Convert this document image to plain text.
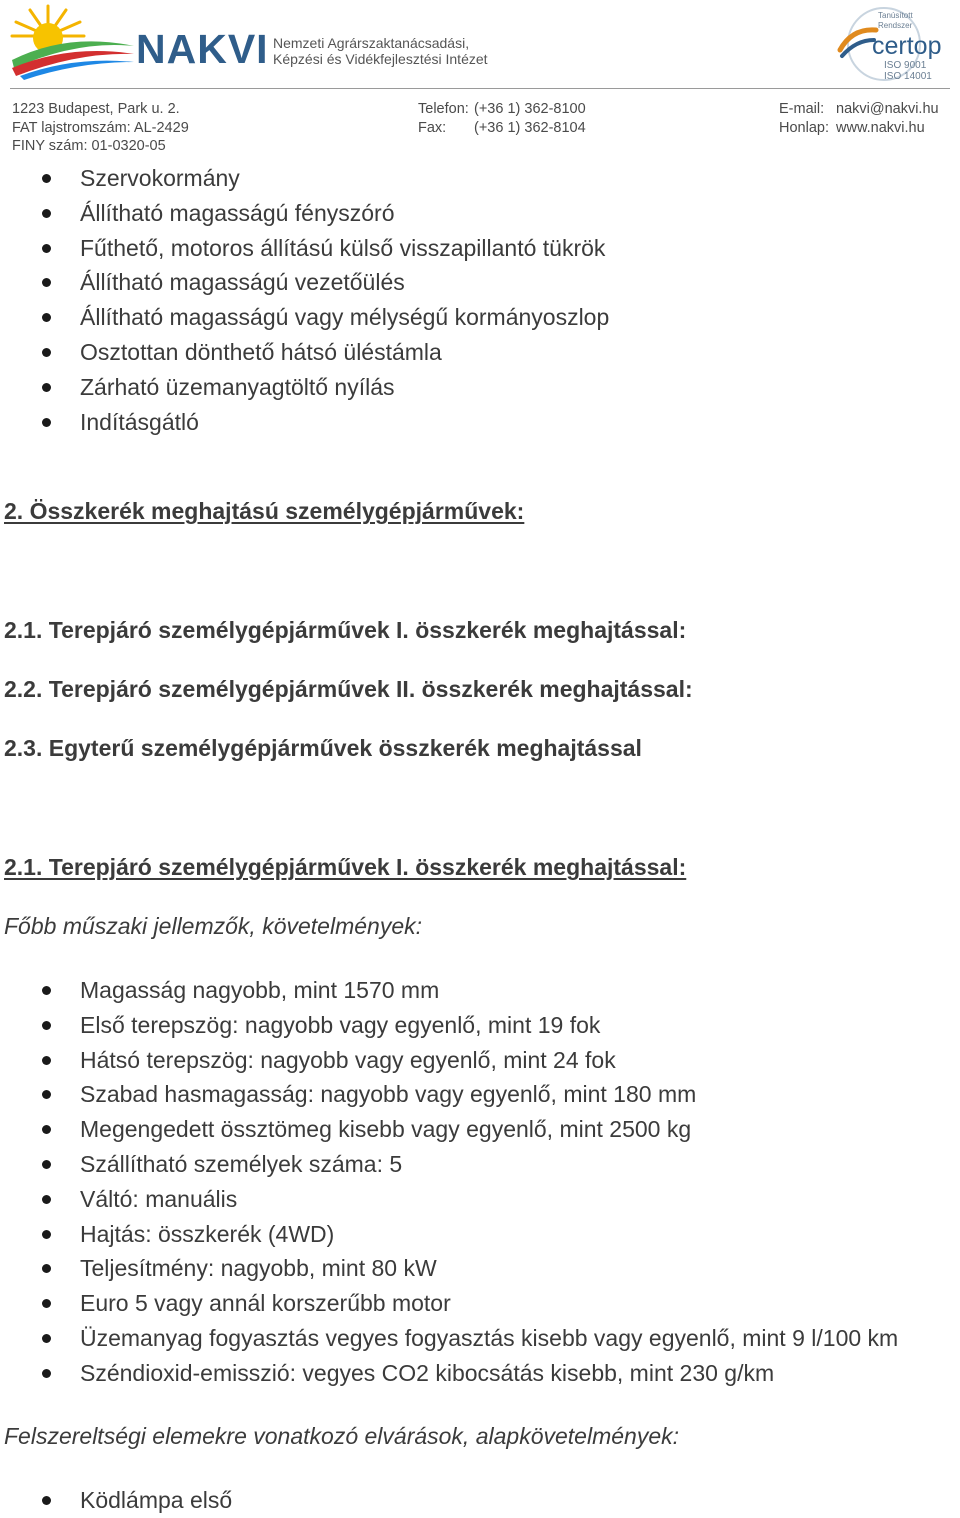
NAKVI Nemzeti Agrárszaktanácsadási,
Képzési és Vidékfejlesztési Intézet
Tanúsított
Rendszer
certop
ISO 9001
ISO 14001
1223 Budapest, Park u. 2.
FAT lajstromszám: AL-2429
FINY szám: 01-0320-05
Telefon: (+36 1) 362-8100
Fax: (+36 1) 362-8104
E-mail: nakvi@nakvi.hu
Honlap: www.nakvi.hu
Szervokormány
Állítható magasságú fényszóró
Fűthető, motoros állítású külső visszapillantó tükrök
Állítható magasságú vezetőülés
Állítható magasságú vagy mélységű kormányoszlop
Osztottan dönthető hátsó üléstámla
Zárható üzemanyagtöltő nyílás
Indításgátló
2. Összkerék meghajtású személygépjárművek:
2.1. Terepjáró személygépjárművek I. összkerék meghajtással:
2.2. Terepjáró személygépjárművek II. összkerék meghajtással:
2.3. Egyterű személygépjárművek összkerék meghajtással
2.1. Terepjáró személygépjárművek I. összkerék meghajtással:
Főbb műszaki jellemzők, követelmények:
Magasság nagyobb, mint 1570 mm
Első terepszög: nagyobb vagy egyenlő, mint 19 fok
Hátsó terepszög: nagyobb vagy egyenlő, mint 24 fok
Szabad hasmagasság: nagyobb vagy egyenlő, mint 180 mm
Megengedett össztömeg kisebb vagy egyenlő, mint 2500 kg
Szállítható személyek száma: 5
Váltó: manuális
Hajtás: összkerék (4WD)
Teljesítmény: nagyobb, mint 80 kW
Euro 5 vagy annál korszerűbb motor
Üzemanyag fogyasztás vegyes fogyasztás kisebb vagy egyenlő, mint 9 l/100 km
Széndioxid-emisszió: vegyes CO2 kibocsátás kisebb, mint 230 g/km
Felszereltségi elemekre vonatkozó elvárások, alapkövetelmények:
Ködlámpa első
